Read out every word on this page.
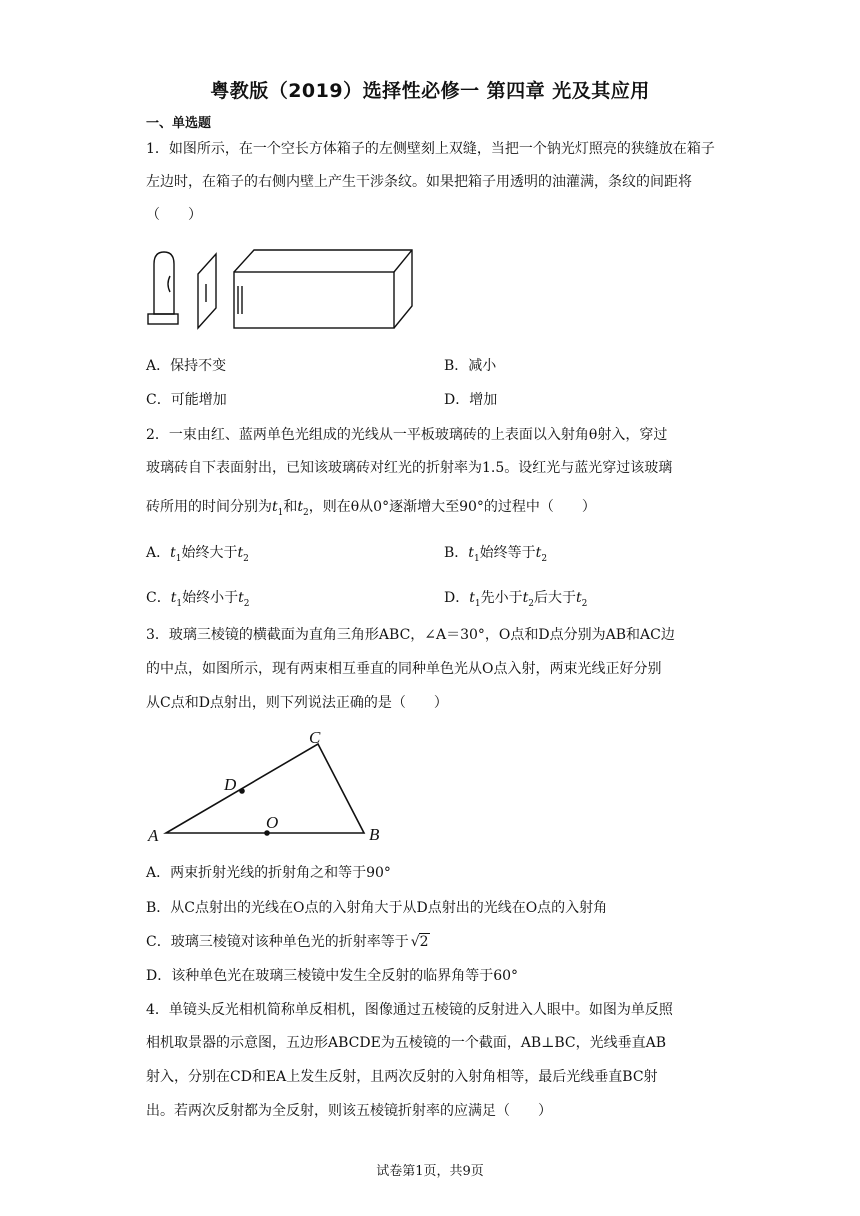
粤教版（2019）选择性必修一 第四章 光及其应用
一、单选题
1．如图所示，在一个空长方体箱子的左侧壁刻上双缝，当把一个钠光灯照亮的狭缝放在箱子左边时，在箱子的右侧内壁上产生干涉条纹。如果把箱子用透明的油灌满，条纹的间距将（　　）
A．保持不变	B．减小
C．可能增加	D．增加
2．一束由红、蓝两单色光组成的光线从一平板玻璃砖的上表面以入射角θ射入，穿过
玻璃砖自下表面射出，已知该玻璃砖对红光的折射率为1.5。设红光与蓝光穿过该玻璃
砖所用的时间分别为$t_1$和$t_2$，则在θ从0°逐渐增大至90°的过程中（　　）
A．$t_1$始终大于$t_2$	B．$t_1$始终等于$t_2$
C．$t_1$始终小于$t_2$	D．$t_1$先小于$t_2$后大于$t_2$
3．玻璃三棱镜的横截面为直角三角形ABC，∠A＝30°，O点和D点分别为AB和AC边
的中点，如图所示，现有两束相互垂直的同种单色光从O点入射，两束光线正好分别
从C点和D点射出，则下列说法正确的是（　　）
A	B
C
D
O
A．两束折射光线的折射角之和等于90°
B．从C点射出的光线在O点的入射角大于从D点射出的光线在O点的入射角
C．玻璃三棱镜对该种单色光的折射率等于 √2
D．该种单色光在玻璃三棱镜中发生全反射的临界角等于60°
4．单镜头反光相机简称单反相机，图像通过五棱镜的反射进入人眼中。如图为单反照
相机取景器的示意图，五边形ABCDE为五棱镜的一个截面，AB⊥BC，光线垂直AB
射入，分别在CD和EA上发生反射，且两次反射的入射角相等，最后光线垂直BC射
出。若两次反射都为全反射，则该五棱镜折射率的应满足（　　）
试卷第1页，共9页
